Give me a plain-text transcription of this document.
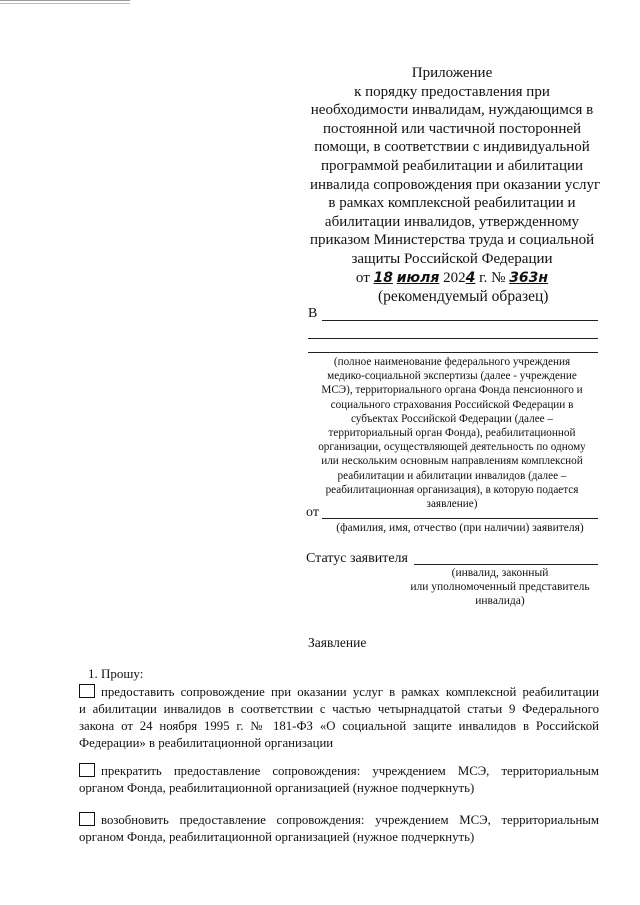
Приложение
к порядку предоставления при
необходимости инвалидам, нуждающимся в
постоянной или частичной посторонней
помощи, в соответствии с индивидуальной
программой реабилитации и абилитации
инвалида сопровождения при оказании услуг
в рамках комплексной реабилитации и
абилитации инвалидов, утвержденному
приказом Министерства труда и социальной
защиты Российской Федерации
от 18 июля 2024 г. № 363н
(рекомендуемый образец)
В
(полное наименование федерального учреждения
медико-социальной экспертизы (далее - учреждение
МСЭ), территориального органа Фонда пенсионного и
социального страхования Российской Федерации в
субъектах Российской Федерации (далее –
территориальный орган Фонда), реабилитационной
организации, осуществляющей деятельность по одному
или нескольким основным направлениям комплексной
реабилитации и абилитации инвалидов (далее –
реабилитационная организация), в которую подается
заявление)
от
(фамилия, имя, отчество (при наличии) заявителя)
Статус заявителя
(инвалид, законный
или уполномоченный представитель
инвалида)
Заявление
1. Прошу:
предоставить сопровождение при оказании услуг в рамках комплексной реабилитации
и абилитации инвалидов в соответствии с частью четырнадцатой статьи 9 Федерального
закона от 24 ноября 1995 г. № 181-ФЗ «О социальной защите инвалидов в Российской
Федерации» в реабилитационной организации
прекратить предоставление сопровождения: учреждением МСЭ, территориальным
органом Фонда, реабилитационной организацией (нужное подчеркнуть)
возобновить предоставление сопровождения: учреждением МСЭ, территориальным
органом Фонда, реабилитационной организацией (нужное подчеркнуть)
